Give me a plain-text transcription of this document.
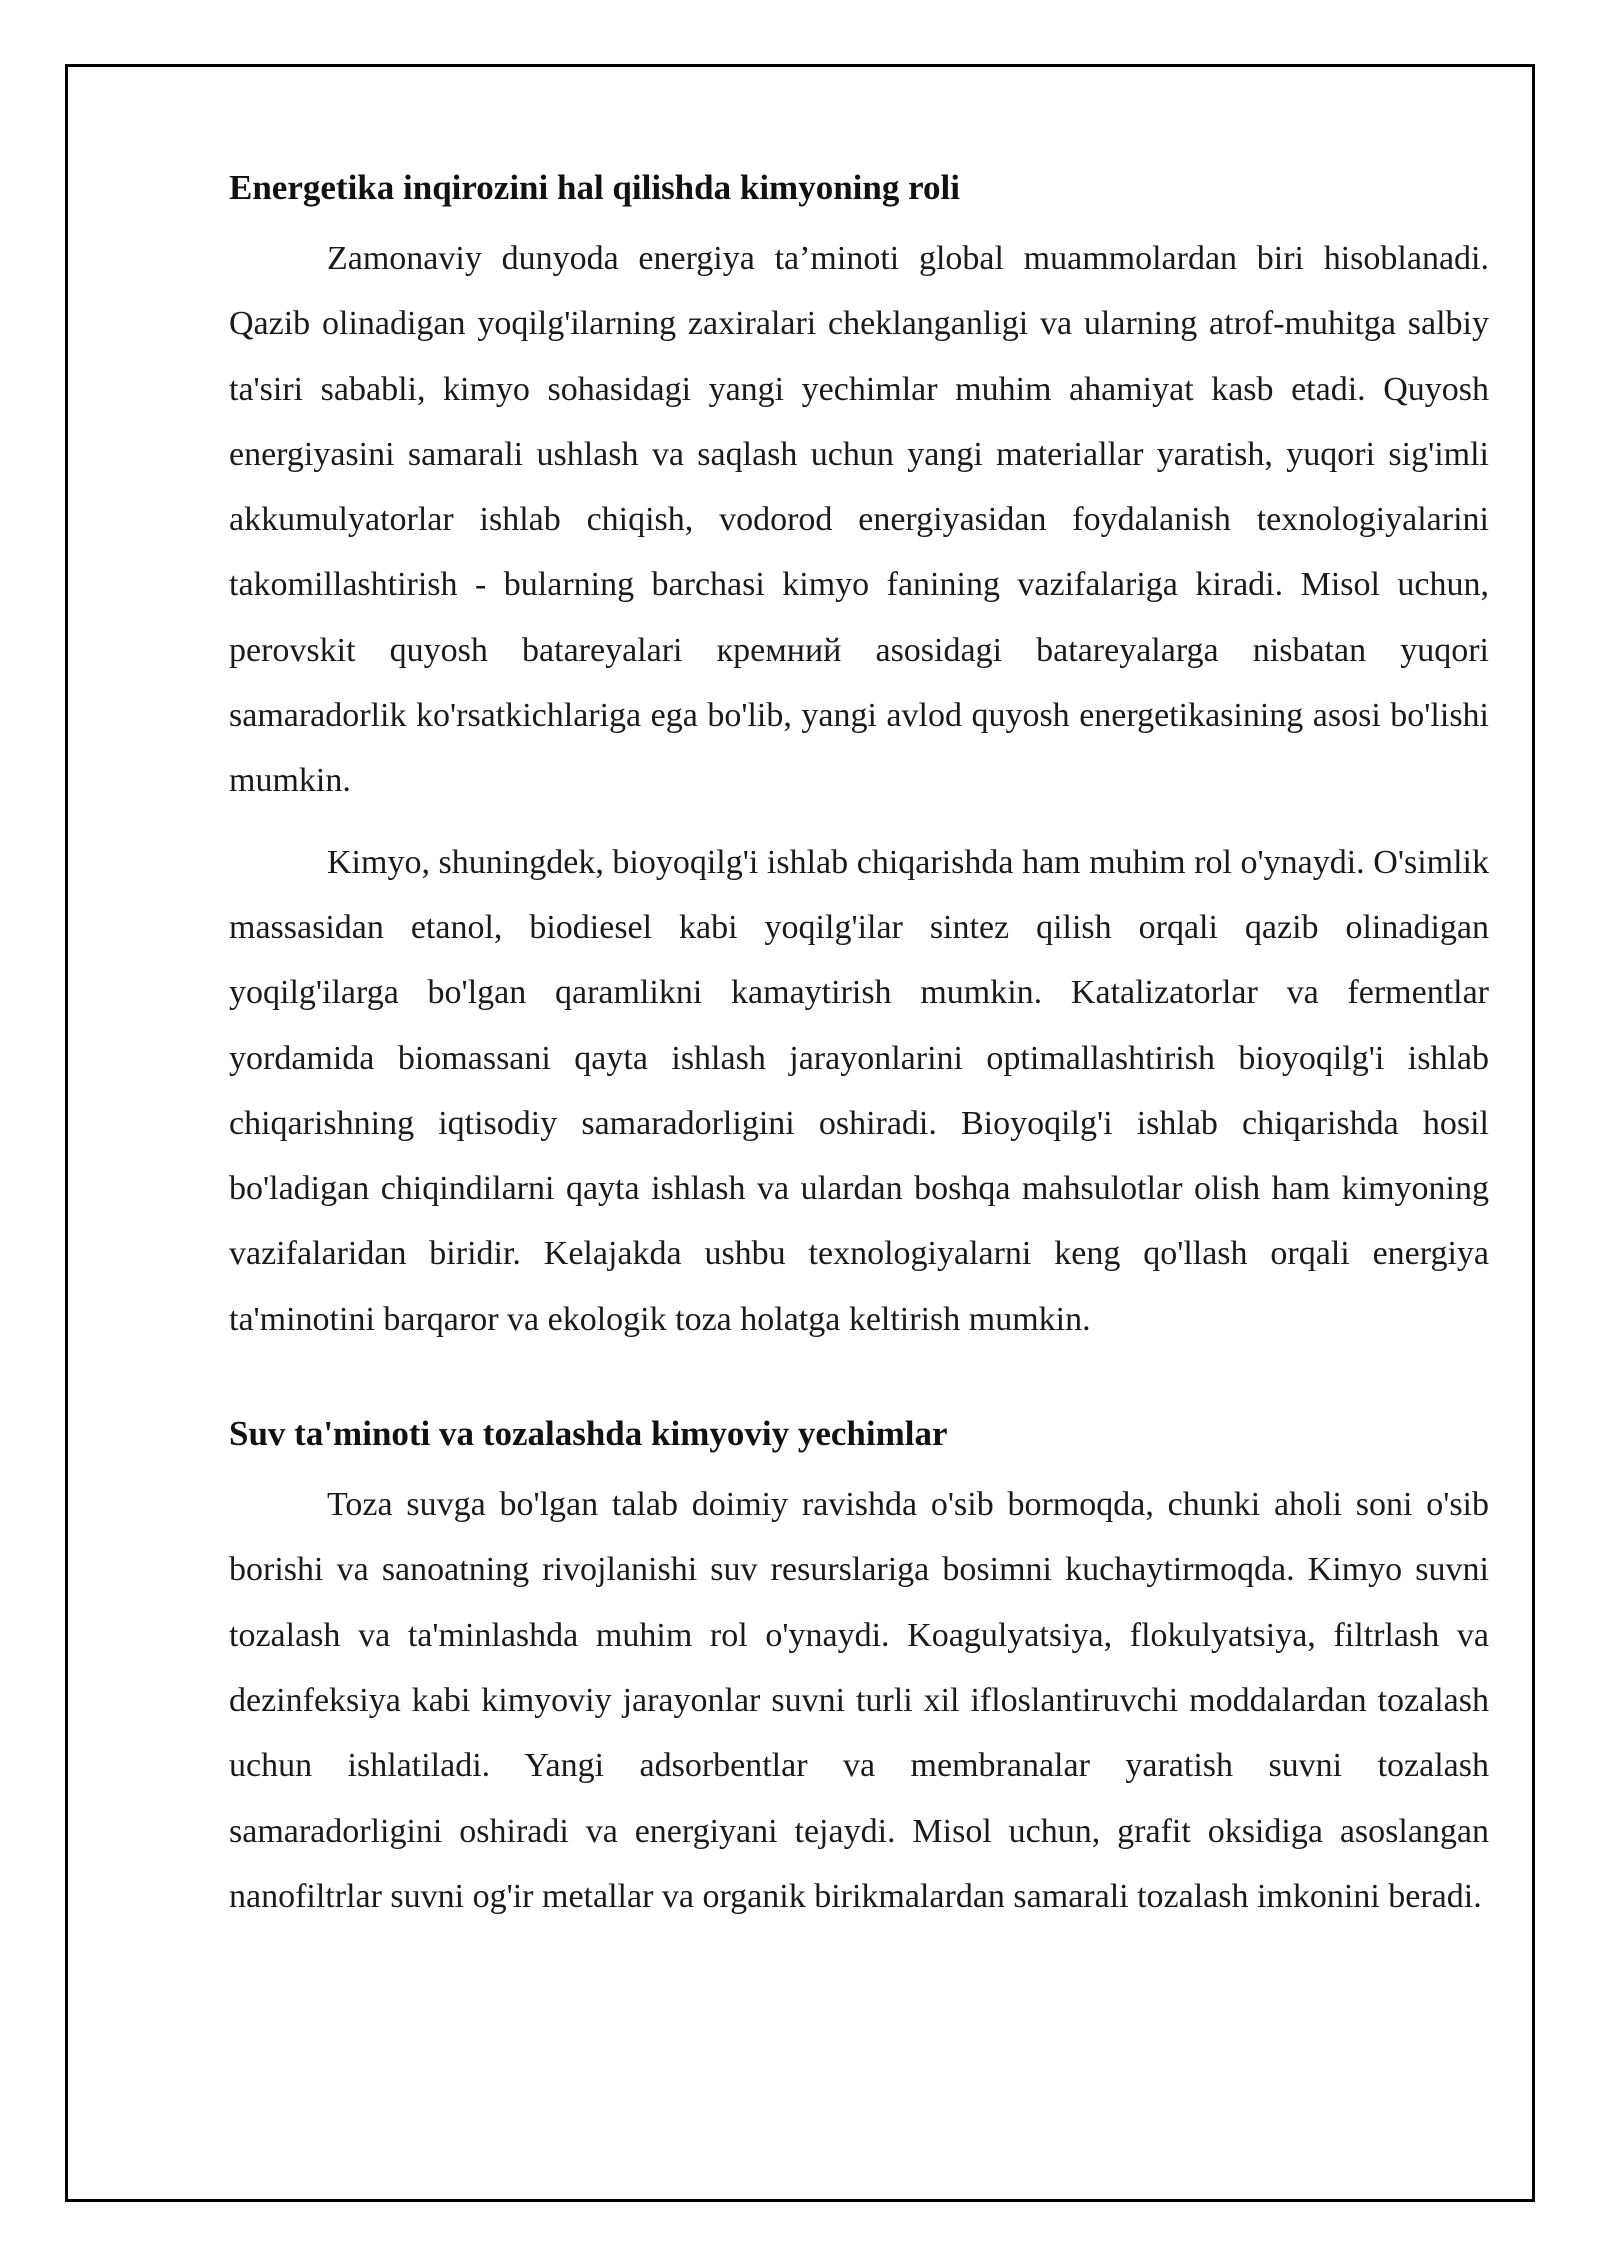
Energetika inqirozini hal qilishda kimyoning roli

Zamonaviy dunyoda energiya ta’minoti global muammolardan biri hisoblanadi. Qazib olinadigan yoqilg'ilarning zaxiralari cheklanganligi va ularning atrof-muhitga salbiy ta'siri sababli, kimyo sohasidagi yangi yechimlar muhim ahamiyat kasb etadi. Quyosh energiyasini samarali ushlash va saqlash uchun yangi materiallar yaratish, yuqori sig'imli akkumulyatorlar ishlab chiqish, vodorod energiyasidan foydalanish texnologiyalarini takomillashtirish - bularning barchasi kimyo fanining vazifalariga kiradi. Misol uchun, perovskit quyosh batareyalari кремний asosidagi batareyalarga nisbatan yuqori samaradorlik ko'rsatkichlariga ega bo'lib, yangi avlod quyosh energetikasining asosi bo'lishi mumkin.

Kimyo, shuningdek, bioyoqilg'i ishlab chiqarishda ham muhim rol o'ynaydi. O'simlik massasidan etanol, biodiesel kabi yoqilg'ilar sintez qilish orqali qazib olinadigan yoqilg'ilarga bo'lgan qaramlikni kamaytirish mumkin. Katalizatorlar va fermentlar yordamida biomassani qayta ishlash jarayonlarini optimallashtirish bioyoqilg'i ishlab chiqarishning iqtisodiy samaradorligini oshiradi. Bioyoqilg'i ishlab chiqarishda hosil bo'ladigan chiqindilarni qayta ishlash va ulardan boshqa mahsulotlar olish ham kimyoning vazifalaridan biridir. Kelajakda ushbu texnologiyalarni keng qo'llash orqali energiya ta'minotini barqaror va ekologik toza holatga keltirish mumkin.

Suv ta'minoti va tozalashda kimyoviy yechimlar

Toza suvga bo'lgan talab doimiy ravishda o'sib bormoqda, chunki aholi soni o'sib borishi va sanoatning rivojlanishi suv resurslariga bosimni kuchaytirmoqda. Kimyo suvni tozalash va ta'minlashda muhim rol o'ynaydi. Koagulyatsiya, flokulyatsiya, filtrlash va dezinfeksiya kabi kimyoviy jarayonlar suvni turli xil ifloslantiruvchi moddalardan tozalash uchun ishlatiladi. Yangi adsorbentlar va membranalar yaratish suvni tozalash samaradorligini oshiradi va energiyani tejaydi. Misol uchun, grafit oksidiga asoslangan nanofiltrlar suvni og'ir metallar va organik birikmalardan samarali tozalash imkonini beradi.
